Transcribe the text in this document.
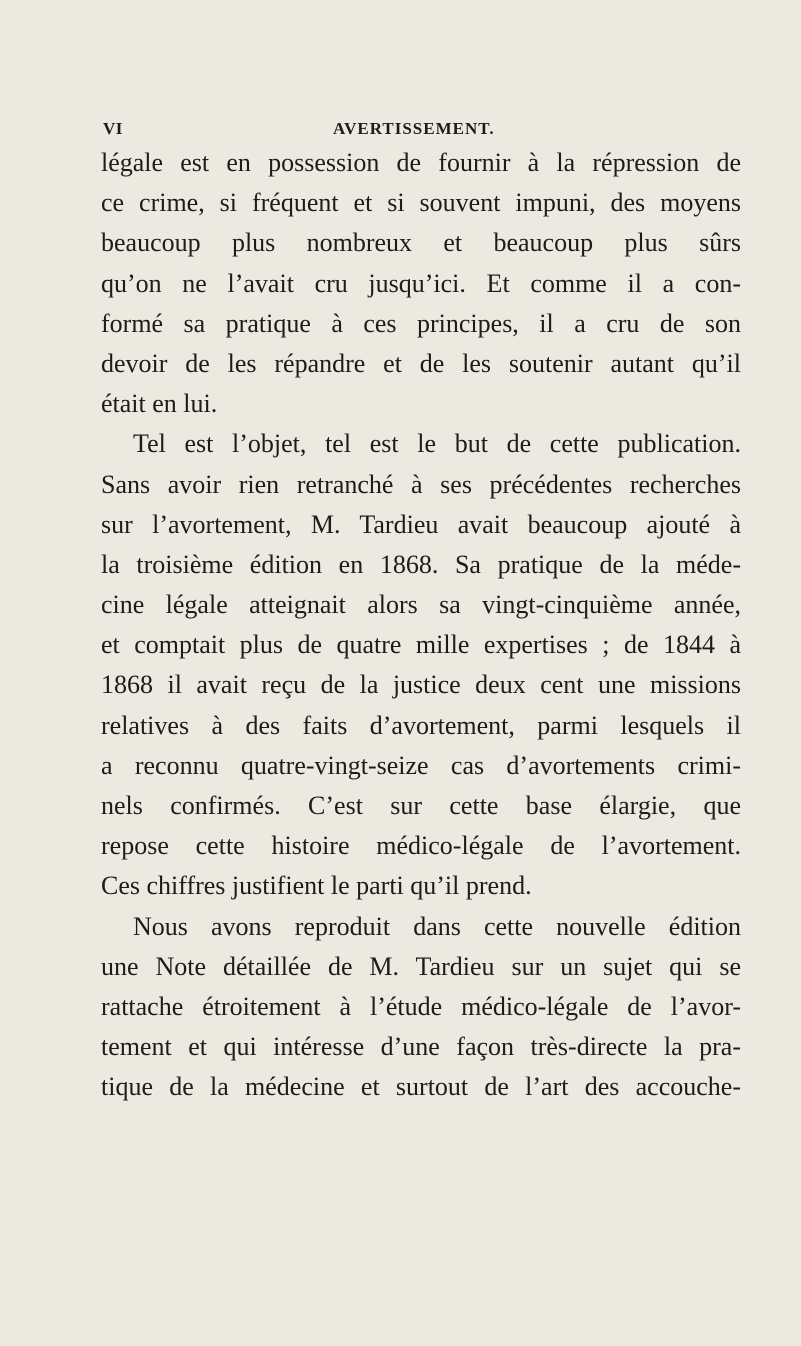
VI	AVERTISSEMENT.
légale est en possession de fournir à la répression de
ce crime, si fréquent et si souvent impuni, des moyens
beaucoup plus nombreux et beaucoup plus sûrs
qu’on ne l’avait cru jusqu’ici. Et comme il a con-
formé sa pratique à ces principes, il a cru de son
devoir de les répandre et de les soutenir autant qu’il
était en lui.
Tel est l’objet, tel est le but de cette publication.
Sans avoir rien retranché à ses précédentes recherches
sur l’avortement, M. Tardieu avait beaucoup ajouté à
la troisième édition en 1868. Sa pratique de la méde-
cine légale atteignait alors sa vingt-cinquième année,
et comptait plus de quatre mille expertises ; de 1844 à
1868 il avait reçu de la justice deux cent une missions
relatives à des faits d’avortement, parmi lesquels il
a reconnu quatre-vingt-seize cas d’avortements crimi-
nels confirmés. C’est sur cette base élargie, que
repose cette histoire médico-légale de l’avortement.
Ces chiffres justifient le parti qu’il prend.
Nous avons reproduit dans cette nouvelle édition
une Note détaillée de M. Tardieu sur un sujet qui se
rattache étroitement à l’étude médico-légale de l’avor-
tement et qui intéresse d’une façon très-directe la pra-
tique de la médecine et surtout de l’art des accouche-
